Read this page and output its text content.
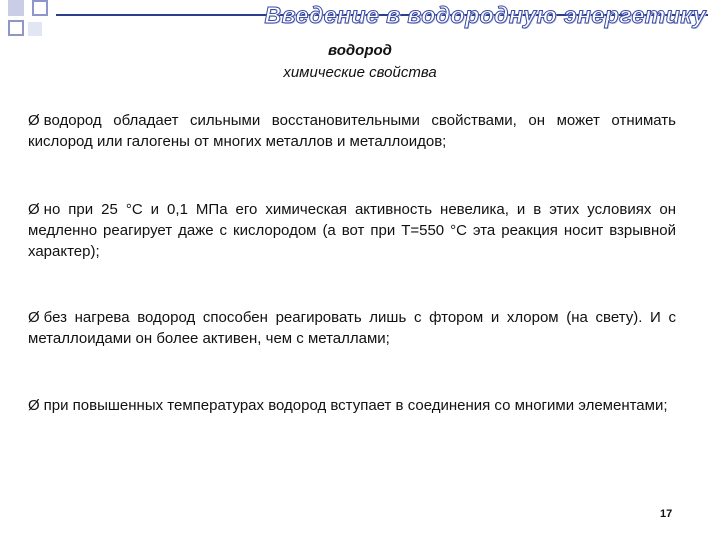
Введение в водородную энергетику
водород
химические свойства
Ø водород обладает сильными восстановительными свойствами, он может отнимать кислород или галогены от многих металлов и металлоидов;
Ø но при 25 °С и 0,1 МПа его химическая активность невелика, и в этих условиях он медленно реагирует даже с кислородом (а вот при Т=550 °С эта реакция носит взрывной характер);
Ø без нагрева водород способен реагировать лишь с фтором и хлором (на свету). И с металлоидами он более активен, чем с металлами;
Ø при повышенных температурах водород вступает в соединения со многими элементами;
17
